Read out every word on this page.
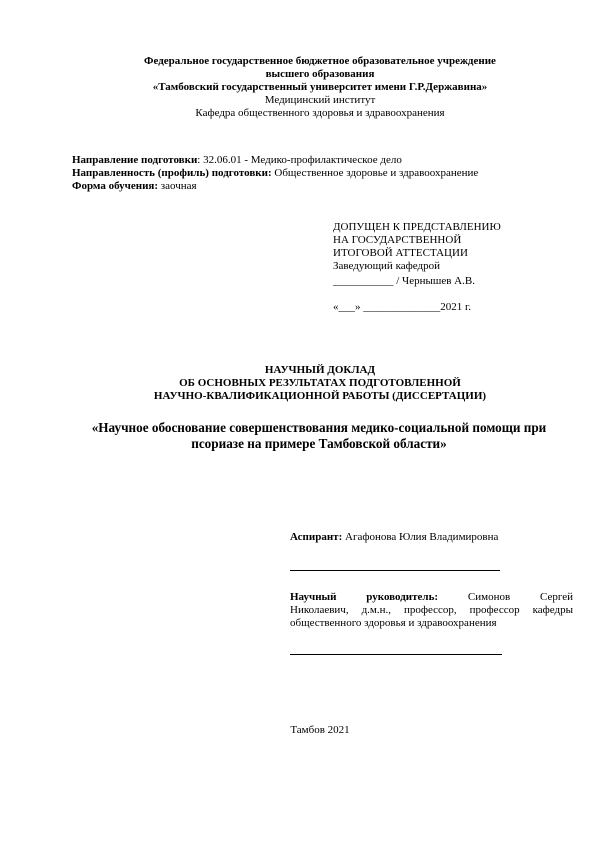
Федеральное государственное бюджетное образовательное учреждение
высшего образования
«Тамбовский государственный университет имени Г.Р.Державина»
Медицинский институт
Кафедра общественного здоровья и здравоохранения
Направление подготовки: 32.06.01 - Медико-профилактическое дело
Направленность (профиль) подготовки: Общественное здоровье и здравоохранение
Форма обучения: заочная
ДОПУЩЕН К ПРЕДСТАВЛЕНИЮ
НА ГОСУДАРСТВЕННОЙ
ИТОГОВОЙ АТТЕСТАЦИИ
Заведующий кафедрой
___________ / Чернышев А.В.
«___» ______________2021 г.
НАУЧНЫЙ ДОКЛАД
ОБ ОСНОВНЫХ РЕЗУЛЬТАТАХ ПОДГОТОВЛЕННОЙ
НАУЧНО-КВАЛИФИКАЦИОННОЙ РАБОТЫ (ДИССЕРТАЦИИ)
«Научное обоснование совершенствования медико-социальной помощи при
псориазе на примере Тамбовской области»
Аспирант: Агафонова Юлия Владимировна
Научный руководитель: Симонов Сергей
Николаевич, д.м.н., профессор, профессор кафедры общественного здоровья и здравоохранения
Тамбов 2021
